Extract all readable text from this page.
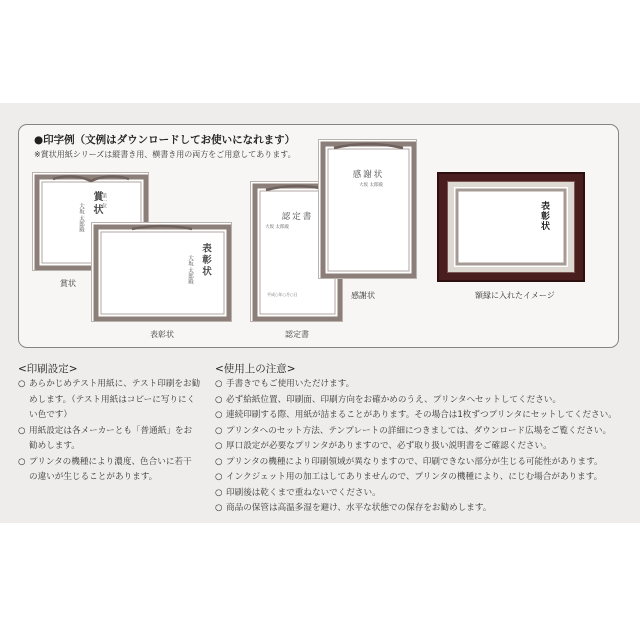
●印字例（文例はダウンロードしてお使いになれます）
※賞状用紙シリーズは縦書き用、横書き用の両方をご用意してあります。
賞状
大坂 太郎殿
第一位
賞状
表彰状
大坂 太郎殿
表彰状
認定書
大坂 太郎殿
平成○年○月○日
認定書
感謝状
大坂 太郎殿
感謝状
表彰状
額縁に入れたイメージ
<印刷設定>
○ あらかじめテスト用紙に、テスト印刷をお勧
めします。（テスト用紙はコピーに写りにく
い色です）
○ 用紙設定は各メーカーとも「普通紙」をお
勧めします。
○ プリンタの機種により濃度、色合いに若干
の違いが生じることがあります。
<使用上の注意>
○ 手書きでもご使用いただけます。
○ 必ず給紙位置、印刷面、印刷方向をお確かめのうえ、プリンタへセットしてください。
○ 連続印刷する際、用紙が詰まることがあります。その場合は1枚ずつプリンタにセットしてください。
○ プリンタへのセット方法、テンプレートの詳細につきましては、ダウンロード広場をご覧ください。
○ 厚口設定が必要なプリンタがありますので、必ず取り扱い説明書をご確認ください。
○ プリンタの機種により印刷領域が異なりますので、印刷できない部分が生じる可能性があります。
○ インクジェット用の加工はしてありませんので、プリンタの機種により、にじむ場合があります。
○ 印刷後は乾くまで重ねないでください。
○ 商品の保管は高温多湿を避け、水平な状態での保存をお勧めします。
